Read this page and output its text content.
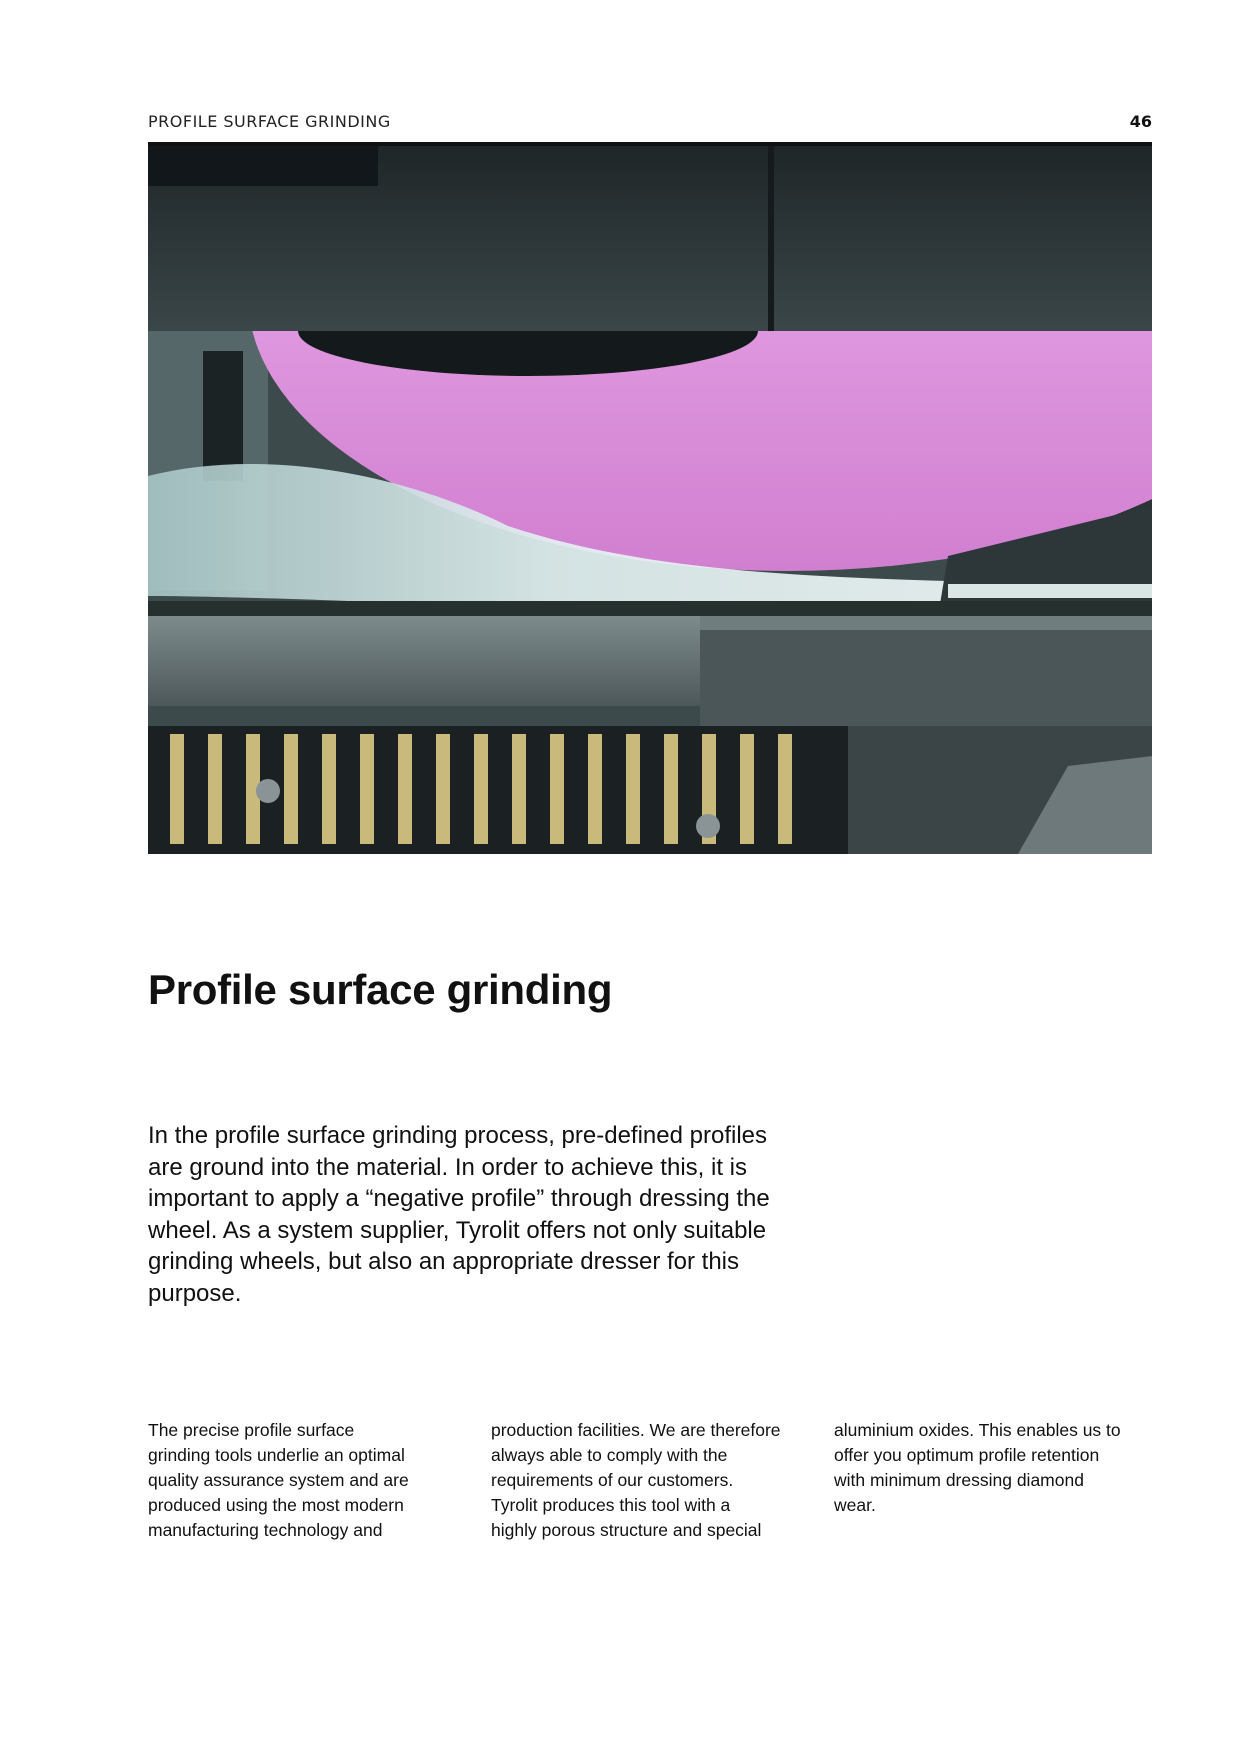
PROFILE SURFACE GRINDING	46
Profile surface grinding

In the profile surface grinding process, pre-defined profiles
are ground into the material. In order to achieve this, it is
important to apply a “negative profile” through dressing the
wheel. As a system supplier, Tyrolit offers not only suitable
grinding wheels, but also an appropriate dresser for this
purpose.

The precise profile surface
grinding tools underlie an optimal
quality assurance system and are
produced using the most modern
manufacturing technology and

production facilities. We are therefore
always able to comply with the
requirements of our customers.
Tyrolit produces this tool with a
highly porous structure and special

aluminium oxides. This enables us to
offer you optimum profile retention
with minimum dressing diamond
wear.
